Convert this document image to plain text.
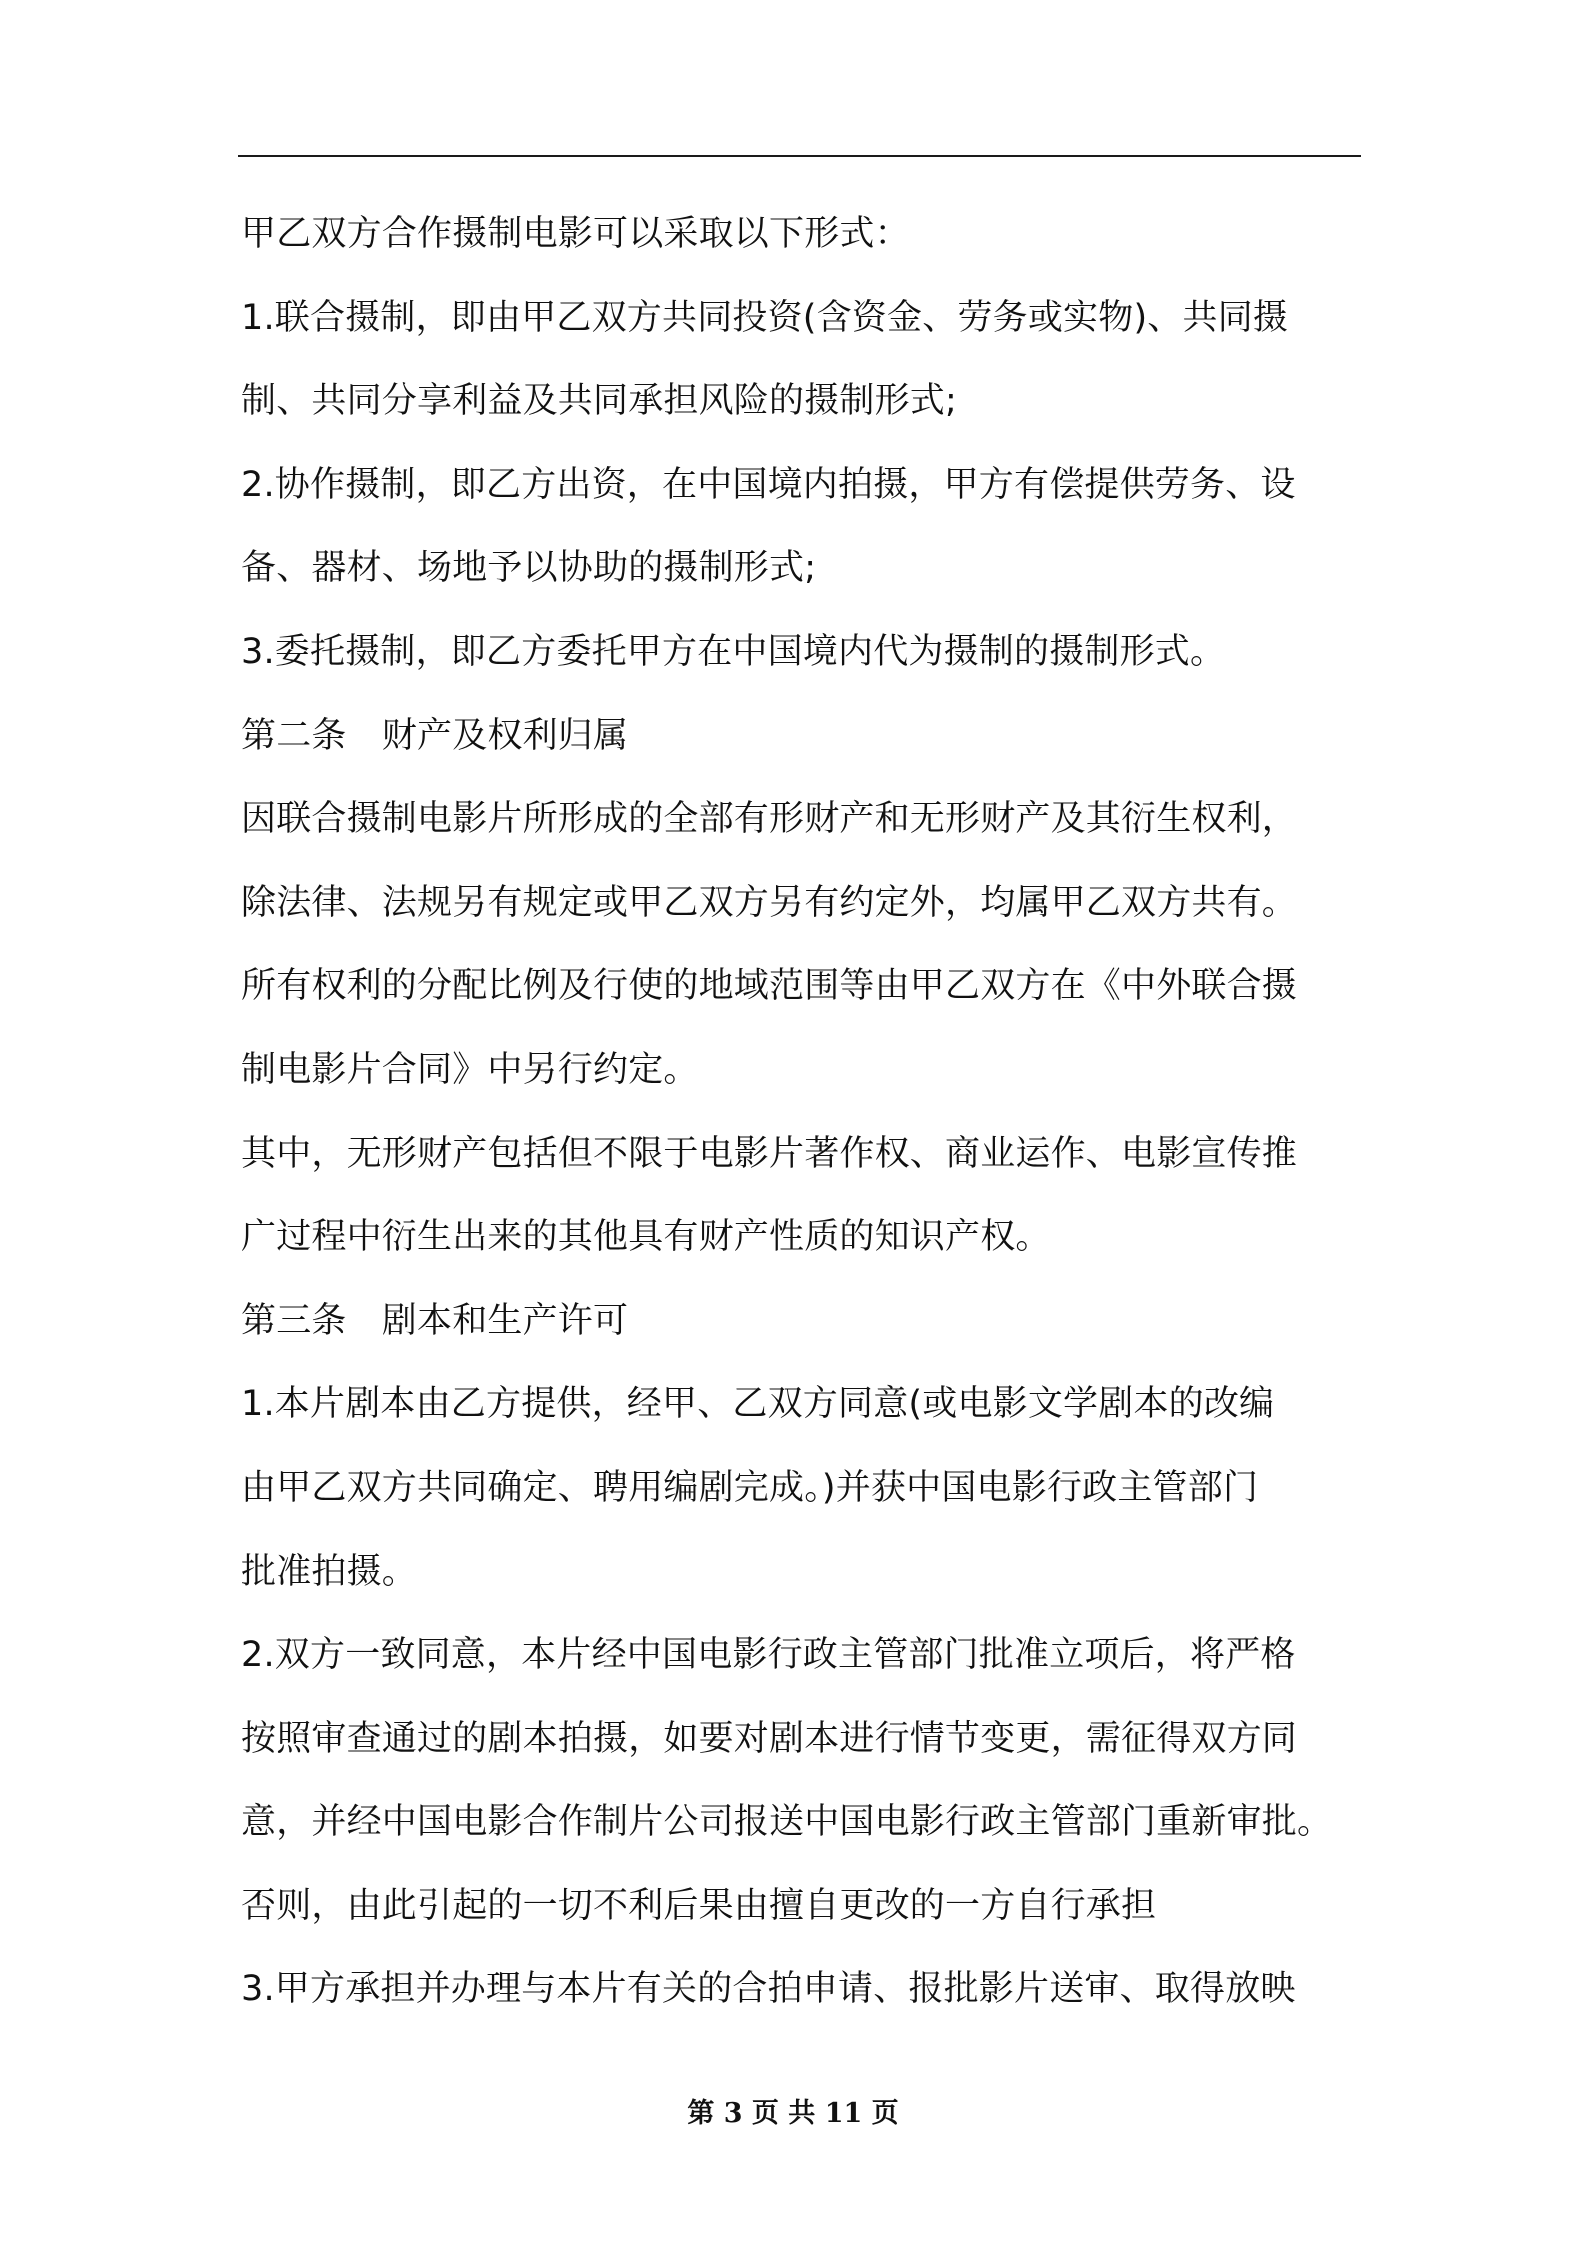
甲乙双方合作摄制电影可以采取以下形式：
1.联合摄制，即由甲乙双方共同投资(含资金、劳务或实物)、共同摄
制、共同分享利益及共同承担风险的摄制形式;
2.协作摄制，即乙方出资，在中国境内拍摄，甲方有偿提供劳务、设
备、器材、场地予以协助的摄制形式;
3.委托摄制，即乙方委托甲方在中国境内代为摄制的摄制形式。
第二条　财产及权利归属
因联合摄制电影片所形成的全部有形财产和无形财产及其衍生权利，
除法律、法规另有规定或甲乙双方另有约定外，均属甲乙双方共有。
所有权利的分配比例及行使的地域范围等由甲乙双方在《中外联合摄
制电影片合同》中另行约定。
其中，无形财产包括但不限于电影片著作权、商业运作、电影宣传推
广过程中衍生出来的其他具有财产性质的知识产权。
第三条　剧本和生产许可
1.本片剧本由乙方提供，经甲、乙双方同意(或电影文学剧本的改编
由甲乙双方共同确定、聘用编剧完成。)并获中国电影行政主管部门
批准拍摄。
2.双方一致同意，本片经中国电影行政主管部门批准立项后，将严格
按照审查通过的剧本拍摄，如要对剧本进行情节变更，需征得双方同
意，并经中国电影合作制片公司报送中国电影行政主管部门重新审批。
否则，由此引起的一切不利后果由擅自更改的一方自行承担
3.甲方承担并办理与本片有关的合拍申请、报批影片送审、取得放映
第 3 页 共 11 页
